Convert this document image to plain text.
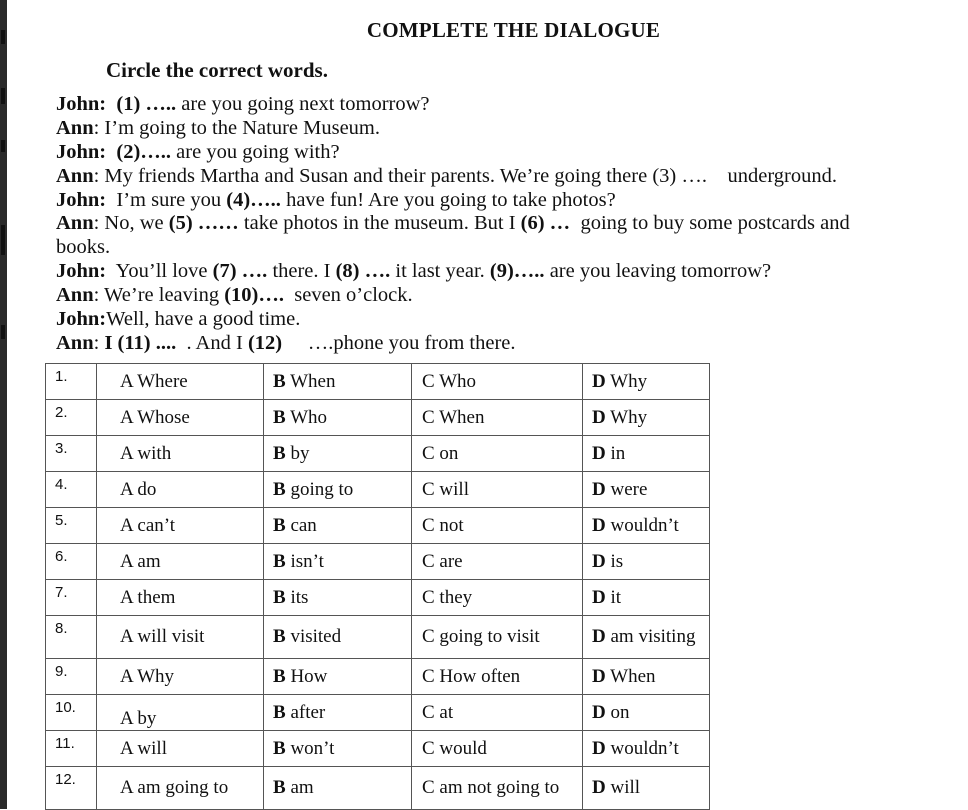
COMPLETE THE DIALOGUE
Circle the correct words.
John:  (1) ….. are you going next tomorrow?
Ann: I’m going to the Nature Museum.
John:  (2)….. are you going with?
Ann: My friends Martha and Susan and their parents. We’re going there (3) ….    underground.
John:  I’m sure you (4)….. have fun! Are you going to take photos?
Ann: No, we (5) …… take photos in the museum. But I (6) …  going to buy some postcards and
books.
John:  You’ll love (7) …. there. I (8) …. it last year. (9)….. are you leaving tomorrow?
Ann: We’re leaving (10)….  seven o’clock.
John:Well, have a good time.
Ann: I (11) ....  . And I (12)     ….phone you from there.
1.	A Where	B When	C Who	D Why
2.	A Whose	B Who	C When	D Why
3.	A with	B by	C on	D in
4.	A do	B going to	C will	D were
5.	A can’t	B can	C not	D wouldn’t
6.	A am	B isn’t	C are	D is
7.	A them	B its	C they	D it
8.	A will visit	B visited	C going to visit	D am visiting
9.	A Why	B How	C How often	D When
10.	A by	B after	C at	D on
11.	A will	B won’t	C would	D wouldn’t
12.	A am going to	B am	C am not going to	D will
